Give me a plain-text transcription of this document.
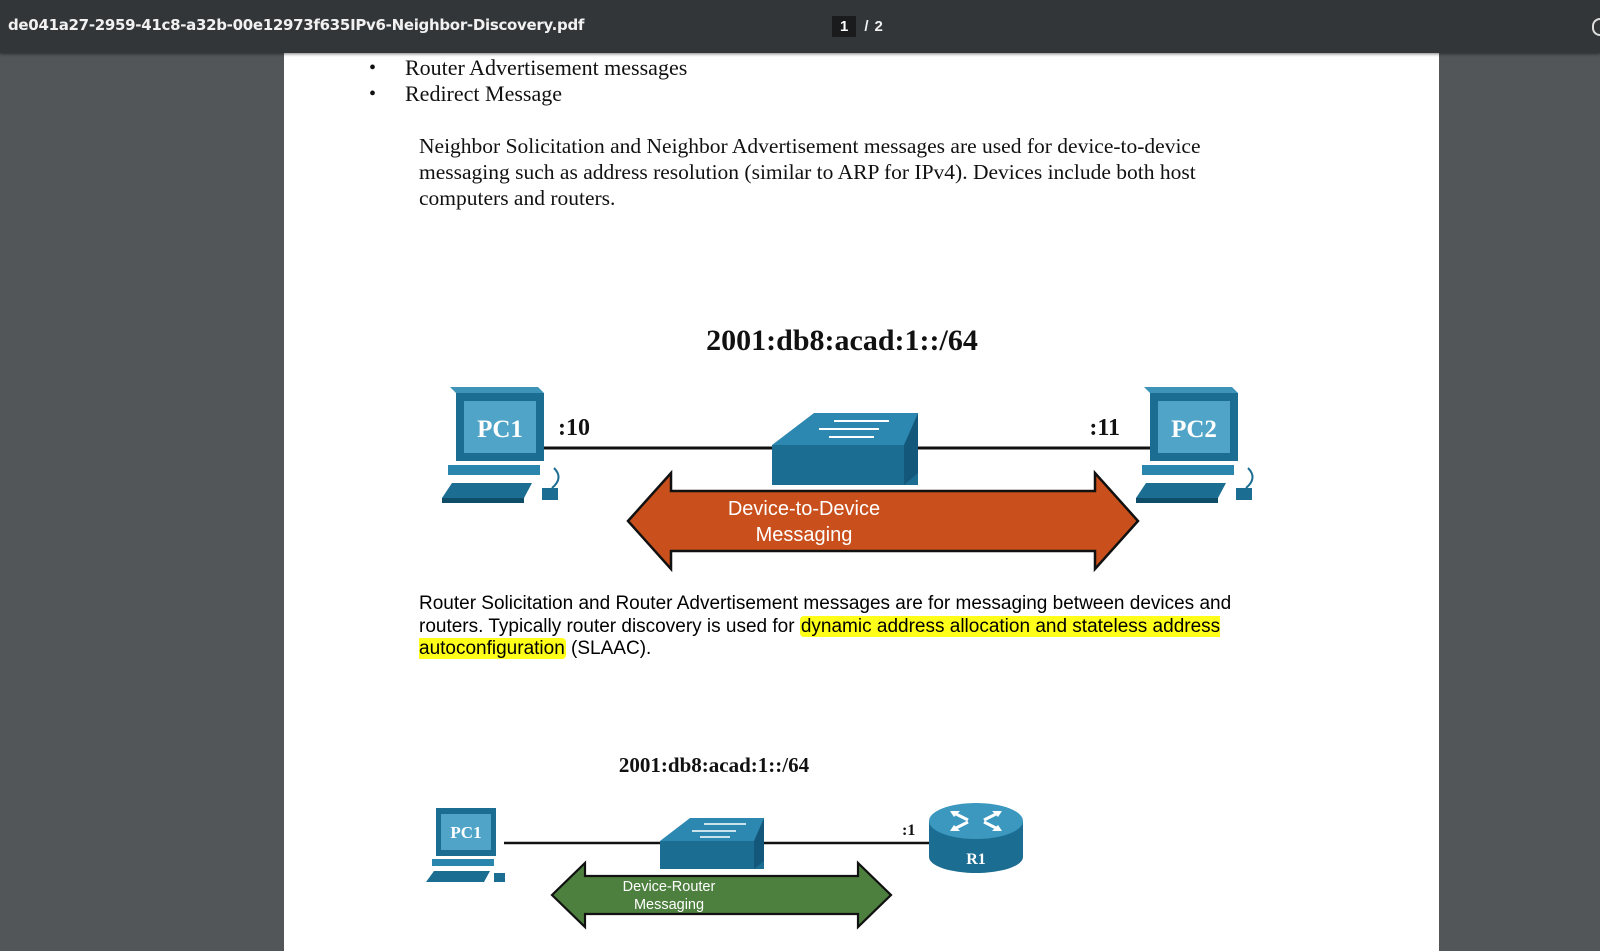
de041a27-2959-41c8-a32b-00e12973f635IPv6-Neighbor-Discovery.pdf	1	/ 2
• Router Advertisement messages
• Redirect Message

Neighbor Solicitation and Neighbor Advertisement messages are used for device-to-device messaging such as address resolution (similar to ARP for IPv4). Devices include both host computers and routers.

2001:db8:acad:1::/64
PC1 :10	:11 PC2
Device-to-Device
Messaging

Router Solicitation and Router Advertisement messages are for messaging between devices and routers. Typically router discovery is used for dynamic address allocation and stateless address autoconfiguration (SLAAC).

2001:db8:acad:1::/64
PC1	:1
R1
Device-Router
Messaging
